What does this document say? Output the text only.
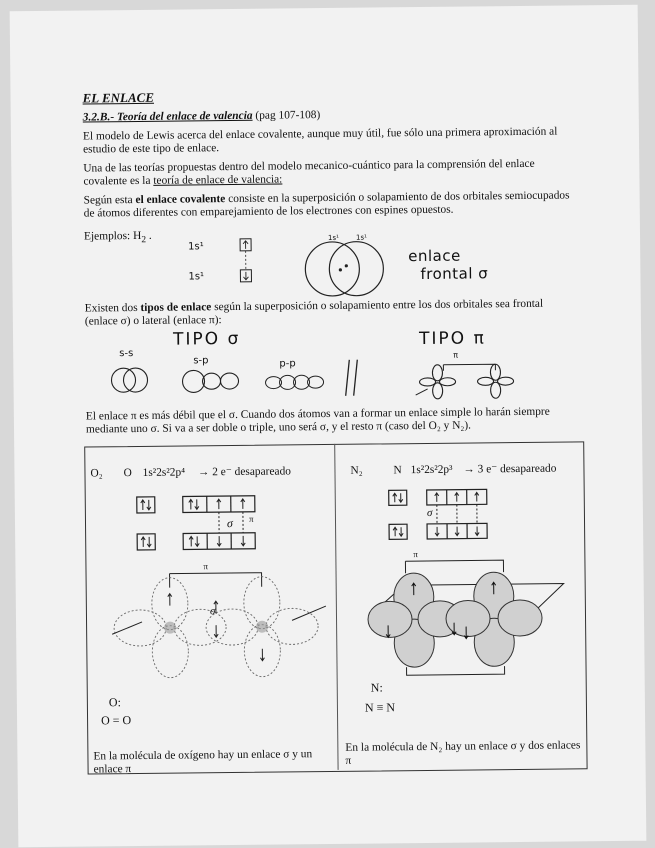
EL ENLACE
3.2.B.- Teoría del enlace de valencia (pag 107-108)
El modelo de Lewis acerca del enlace covalente, aunque muy útil, fue sólo una primera aproximación al estudio de este tipo de enlace.
Una de las teorías propuestas dentro del modelo mecanico-cuántico para la comprensión del enlace covalente es la teoría de enlace de valencia:
Según esta el enlace covalente consiste en la superposición o solapamiento de dos orbitales semiocupados de átomos diferentes con emparejamiento de los electrones con espines opuestos.
Ejemplos: $H_2$ .
1s¹
1s¹
1s¹ 1s¹
enlace
frontal σ
Existen dos tipos de enlace según la superposición o solapamiento entre los dos orbitales sea frontal (enlace σ) o lateral (enlace π):
TIPO σ	TIPO π
s-s
s-p	p-p
π
El enlace π es más débil que el σ. Cuando dos átomos van a formar un enlace simple lo harán siempre mediante uno σ. Si va a ser doble o triple, uno será σ, y el resto π (caso del O₂ y N₂).
O₂ O 1s²2s²2p⁴ → 2 e⁻ desapareado
σ π
π
σ
O:
O = O
En la molécula de oxígeno hay un enlace σ y un enlace π
N₂	N 1s²2s²2p³ → 3 e⁻ desapareado
σ
π
N:
N ≡ N
En la molécula de N₂ hay un enlace σ y dos enlaces π
